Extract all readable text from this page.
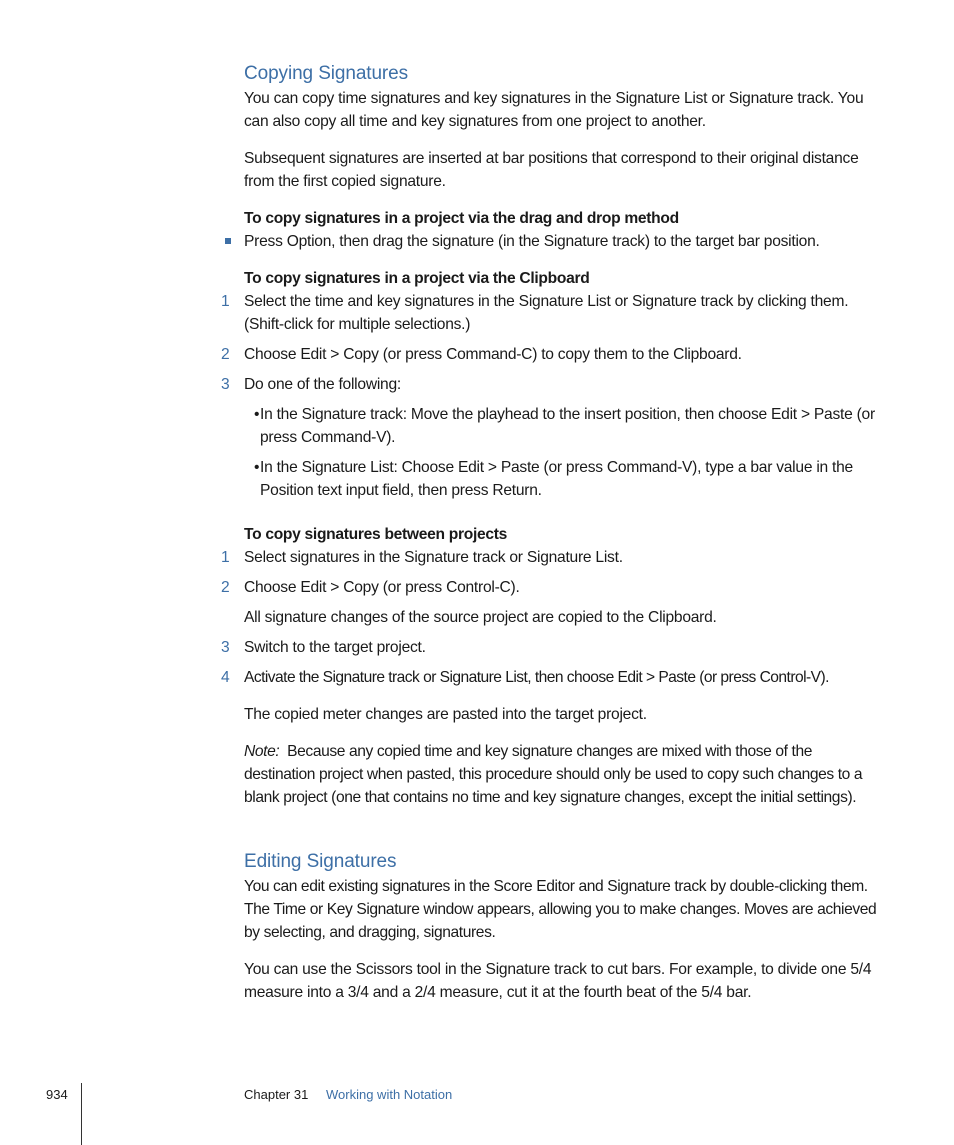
Copying Signatures
You can copy time signatures and key signatures in the Signature List or Signature track. You can also copy all time and key signatures from one project to another.
Subsequent signatures are inserted at bar positions that correspond to their original distance from the first copied signature.
To copy signatures in a project via the drag and drop method
Press Option, then drag the signature (in the Signature track) to the target bar position.
To copy signatures in a project via the Clipboard
1 Select the time and key signatures in the Signature List or Signature track by clicking them. (Shift-click for multiple selections.)
2 Choose Edit > Copy (or press Command-C) to copy them to the Clipboard.
3 Do one of the following:
• In the Signature track: Move the playhead to the insert position, then choose Edit > Paste (or press Command-V).
• In the Signature List: Choose Edit > Paste (or press Command-V), type a bar value in the Position text input field, then press Return.
To copy signatures between projects
1 Select signatures in the Signature track or Signature List.
2 Choose Edit > Copy (or press Control-C).
All signature changes of the source project are copied to the Clipboard.
3 Switch to the target project.
4 Activate the Signature track or Signature List, then choose Edit > Paste (or press Control-V).
The copied meter changes are pasted into the target project.
Note: Because any copied time and key signature changes are mixed with those of the destination project when pasted, this procedure should only be used to copy such changes to a blank project (one that contains no time and key signature changes, except the initial settings).
Editing Signatures
You can edit existing signatures in the Score Editor and Signature track by double-clicking them. The Time or Key Signature window appears, allowing you to make changes. Moves are achieved by selecting, and dragging, signatures.
You can use the Scissors tool in the Signature track to cut bars. For example, to divide one 5/4 measure into a 3/4 and a 2/4 measure, cut it at the fourth beat of the 5/4 bar.
934	Chapter 31 Working with Notation
